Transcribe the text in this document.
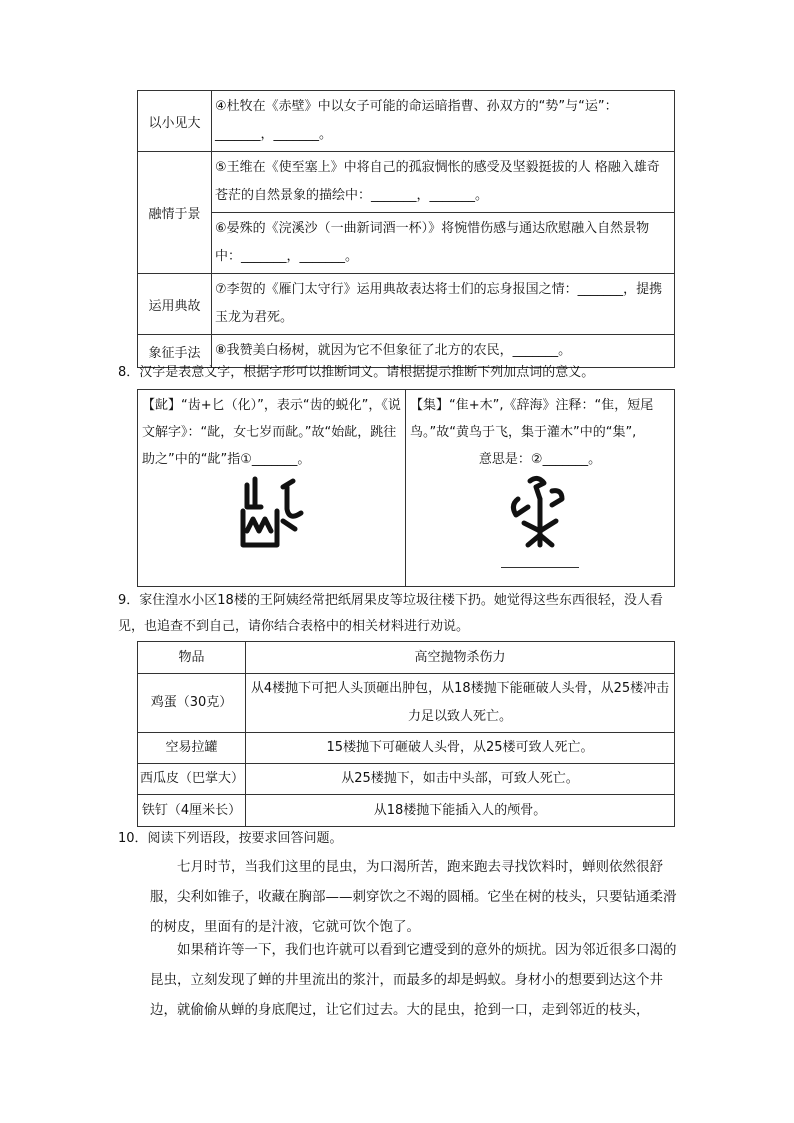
以小见大	④杜牧在《赤壁》中以女子可能的命运暗指曹、孙双方的“势”与“运”：_______，_______。
融情于景	⑤王维在《使至塞上》中将自己的孤寂惆怅的感受及坚毅挺拔的人 格融入雄奇苍茫的自然景象的描绘中：_______，_______。
	⑥晏殊的《浣溪沙（一曲新词酒一杯）》将惋惜伤感与通达欣慰融入自然景物中：_______，_______。
运用典故	⑦李贺的《雁门太守行》运用典故表达将士们的忘身报国之情：_______，提携玉龙为君死。
象征手法	⑧我赞美白杨树，就因为它不但象征了北方的农民，_______。
8．汉字是表意文字，根据字形可以推断词义。请根据提示推断下列加点词的意义。
【龀】“齿+匕（化）”，表示“齿的蜕化”，《说文解字》：“龀，女七岁而龀。”故“始龀，跳往助之”中的“龀”指①_______。

【集】“隹+木”,《辞海》注释：“隹，短尾鸟。”故“黄鸟于飞，集于灌木”中的“集”,
意思是：②_______。
9．家住湟水小区18楼的王阿姨经常把纸屑果皮等垃圾往楼下扔。她觉得这些东西很轻，没人看见，也追查不到自己，请你结合表格中的相关材料进行劝说。
物品	高空抛物杀伤力
鸡蛋（30克）	从4楼抛下可把人头顶砸出肿包，从18楼抛下能砸破人头骨，从25楼冲击力足以致人死亡。
空易拉罐	15楼抛下可砸破人头骨，从25楼可致人死亡。
西瓜皮（巴掌大）	从25楼抛下，如击中头部，可致人死亡。
铁钉（4厘米长）	从18楼抛下能插入人的颅骨。
10．阅读下列语段，按要求回答问题。
七月时节，当我们这里的昆虫，为口渴所苦，跑来跑去寻找饮料时，蝉则依然很舒服，尖利如锥子，收藏在胸部——刺穿饮之不竭的圆桶。它坐在树的枝头，只要钻通柔滑的树皮，里面有的是汁液，它就可饮个饱了。
如果稍许等一下，我们也许就可以看到它遭受到的意外的烦扰。因为邻近很多口渴的昆虫，立刻发现了蝉的井里流出的浆汁，而最多的却是蚂蚁。身材小的想要到达这个井边，就偷偷从蝉的身底爬过，让它们过去。大的昆虫，抢到一口，走到邻近的枝头，
